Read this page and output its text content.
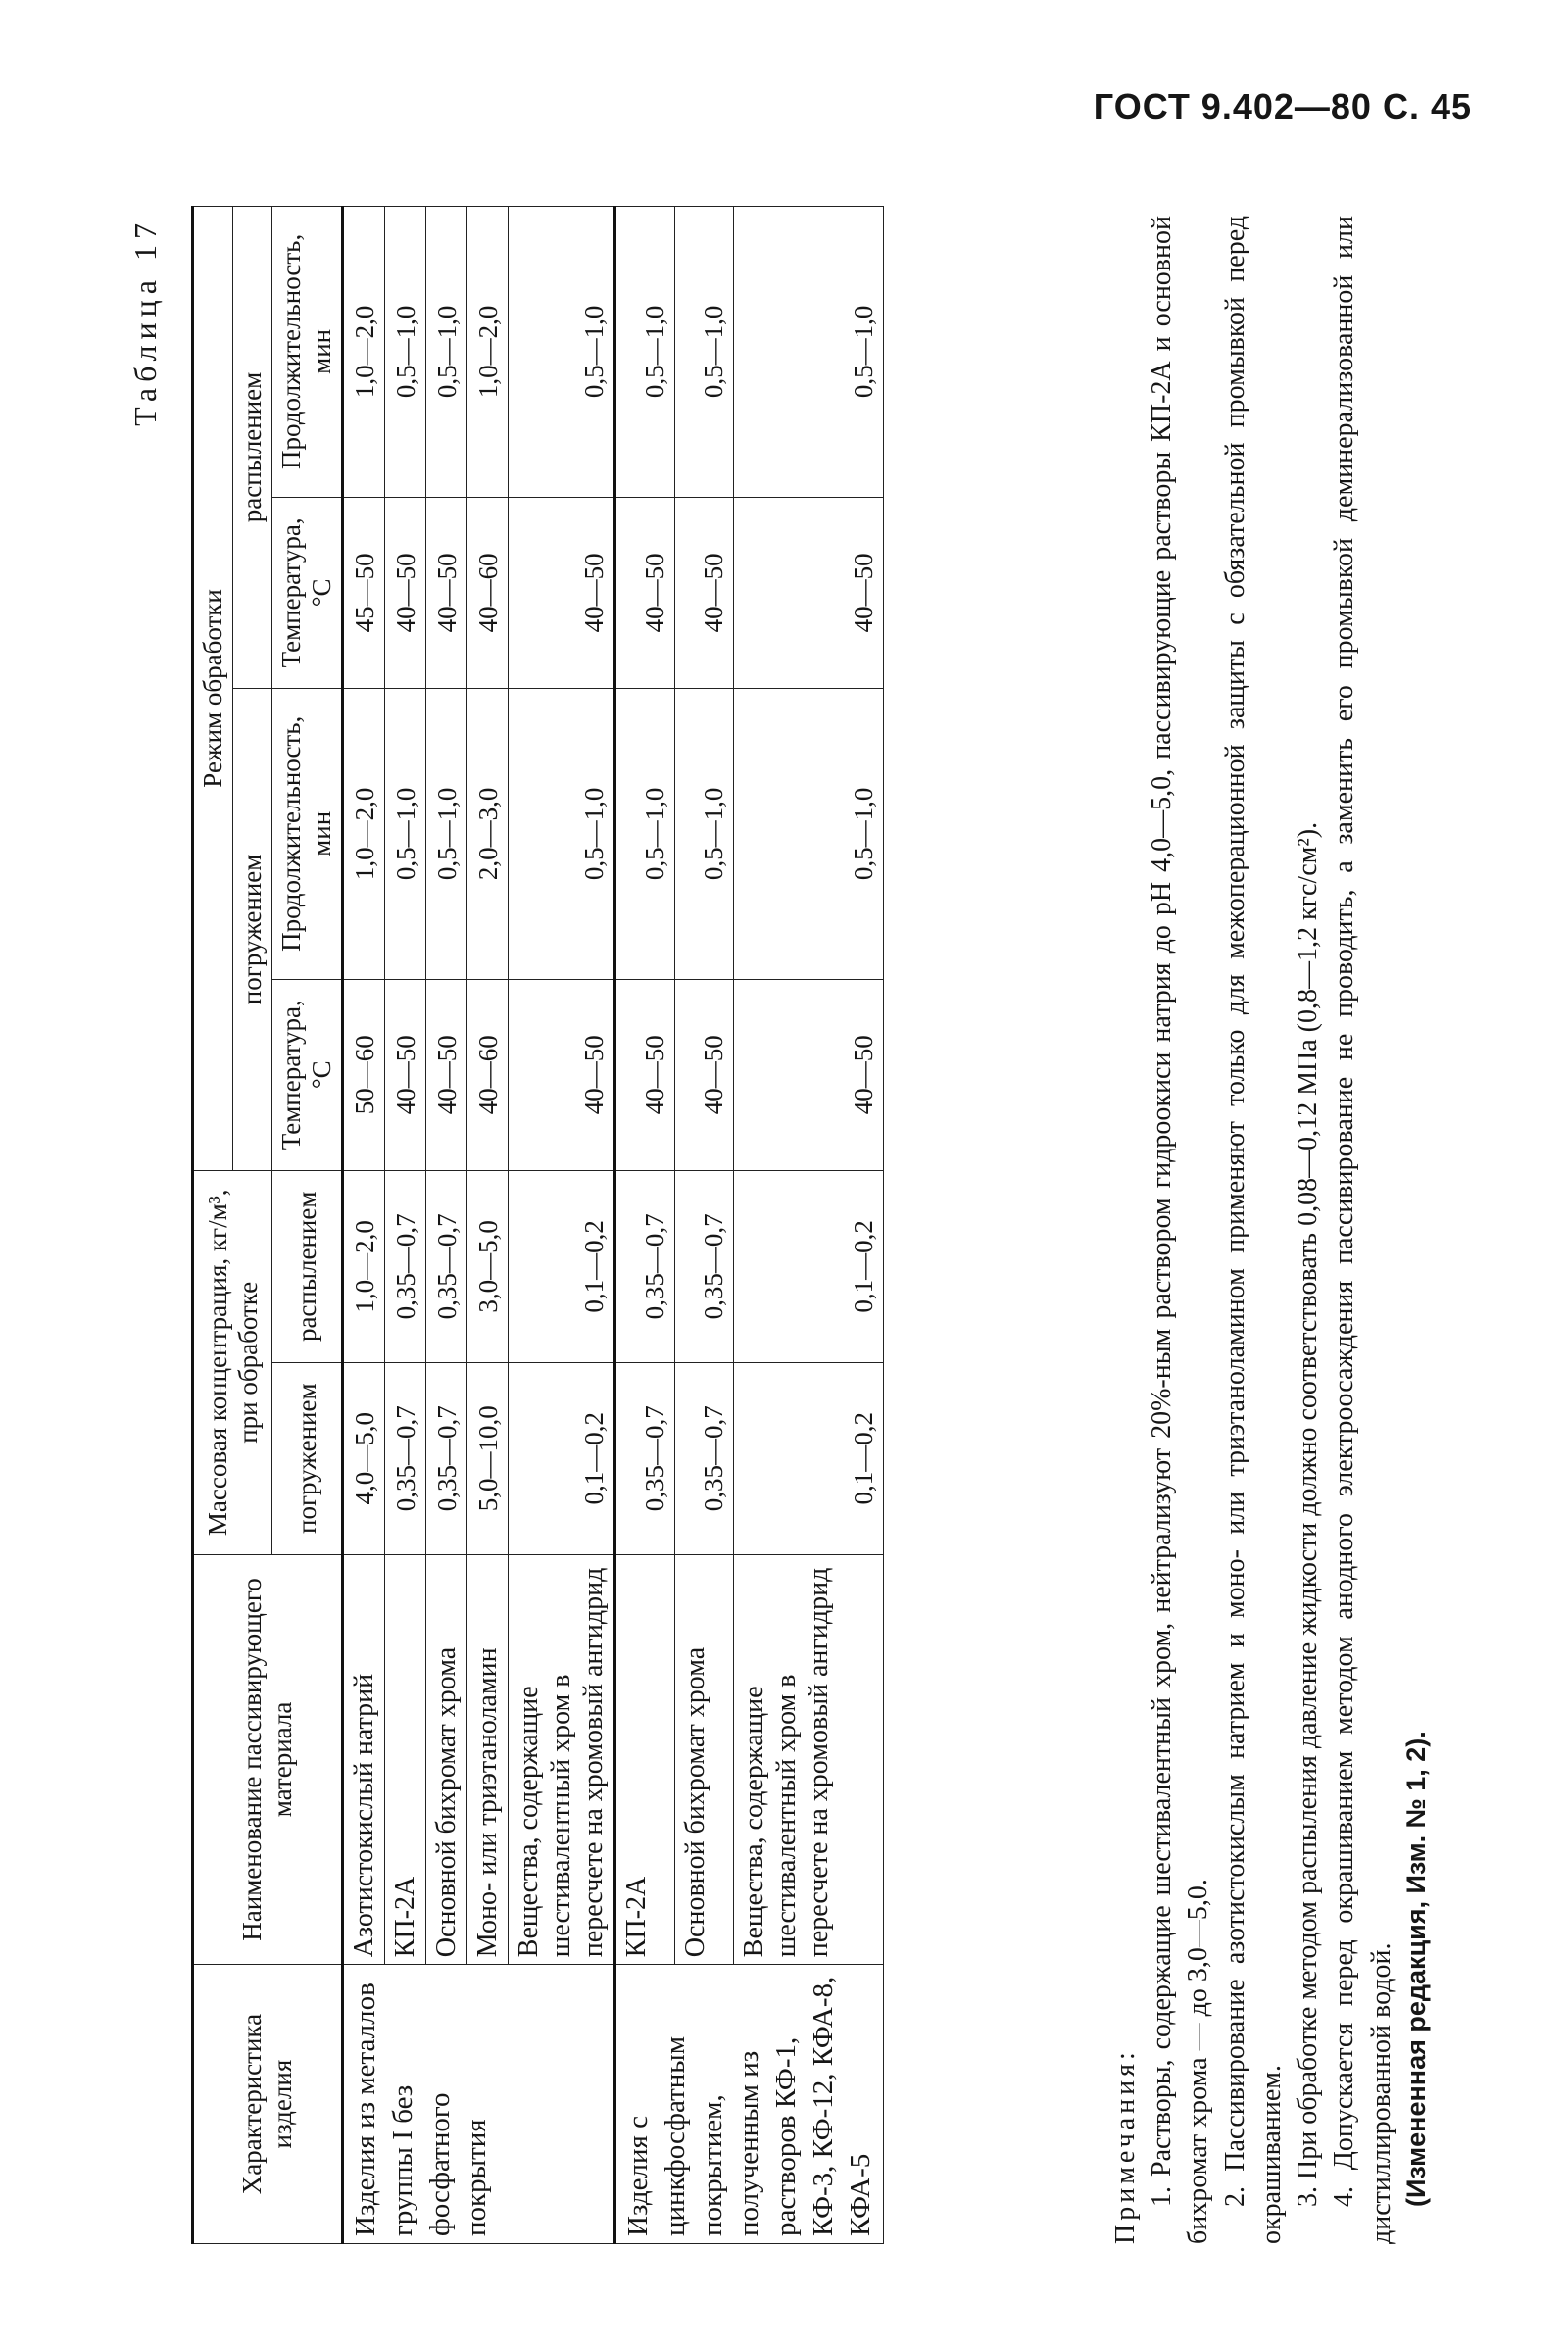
ГОСТ 9.402—80 С. 45
Таблица 17
Характеристика изделия	Наименование пассивирующего материала	Массовая концентрация, кг/м³, при обработке		Режим обработки			
				погружением		распылением	
		погружением	распылением	Температура, °С	Продолжительность, мин	Температура, °С	Продолжительность, мин
Изделия из металлов группы I без фосфатного покрытия	Азотистокислый натрий	4,0—5,0	1,0—2,0	50—60	1,0—2,0	45—50	1,0—2,0
	КП-2А	0,35—0,7	0,35—0,7	40—50	0,5—1,0	40—50	0,5—1,0
	Основной бихромат хрома	0,35—0,7	0,35—0,7	40—50	0,5—1,0	40—50	0,5—1,0
	Моно- или триэтаноламин	5,0—10,0	3,0—5,0	40—60	2,0—3,0	40—60	1,0—2,0
	Вещества, содержащие шестивалентный хром в пересчете на хромовый ангидрид	0,1—0,2	0,1—0,2	40—50	0,5—1,0	40—50	0,5—1,0
Изделия с цинкфосфатным покрытием, полученным из растворов КФ-1, КФ-3, КФ-12, КФА-8, КФА-5	КП-2А	0,35—0,7	0,35—0,7	40—50	0,5—1,0	40—50	0,5—1,0
	Основной бихромат хрома	0,35—0,7	0,35—0,7	40—50	0,5—1,0	40—50	0,5—1,0
	Вещества, содержащие шестивалентный хром в пересчете на хромовый ангидрид	0,1—0,2	0,1—0,2	40—50	0,5—1,0	40—50	0,5—1,0

Примечания: 1. Растворы, содержащие шестивалентный хром, нейтрализуют 20%-ным раствором гидроокиси натрия до pH 4,0—5,0, пассивирующие растворы КП-2А и основной бихромат хрома — до 3,0—5,0. 2. Пассивирование азотистокислым натрием и моно- или триэтаноламином применяют только для межоперационной защиты с обязательной промывкой перед окрашиванием. 3. При обработке методом распыления давление жидкости должно соответствовать 0,08—0,12 МПа (0,8—1,2 кгс/см²). 4. Допускается перед окрашиванием методом анодного электроосаждения пассивирование не проводить, а заменить его промывкой деминерализованной или дистиллированной водой. (Измененная редакция, Изм. № 1, 2).
